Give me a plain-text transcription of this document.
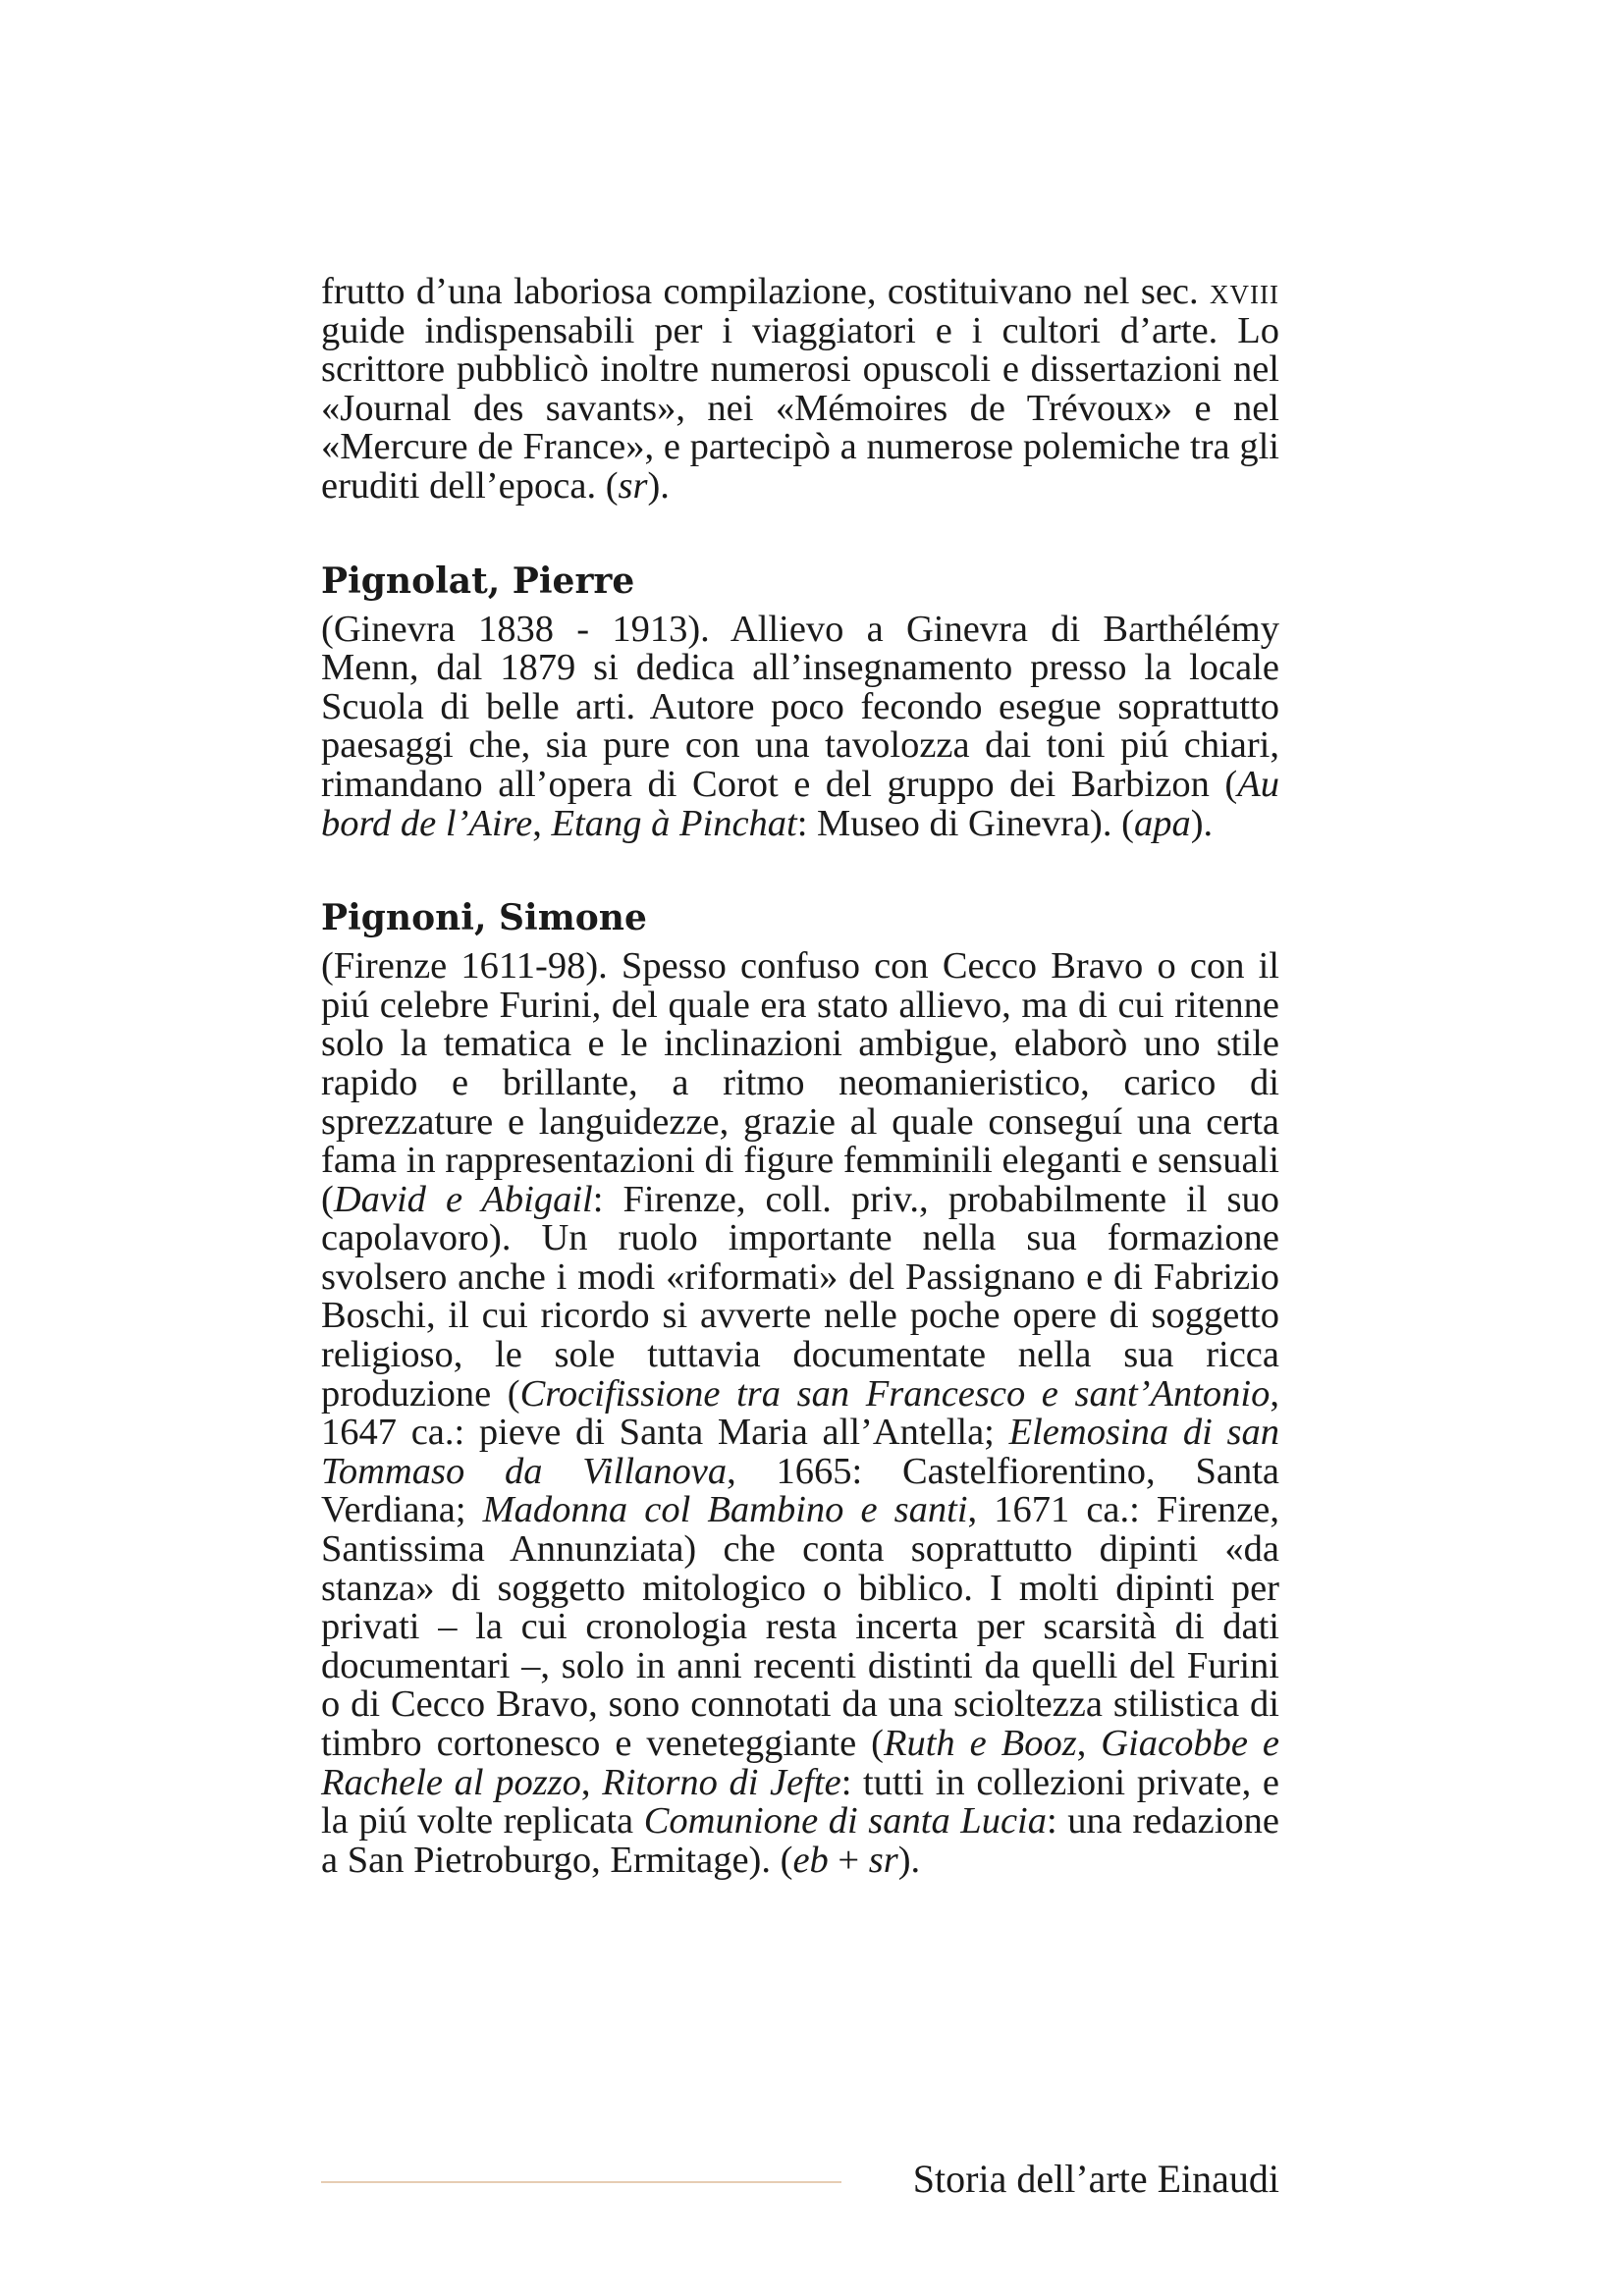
frutto d’una laboriosa compilazione, costituivano nel sec. xviii guide indispensabili per i viaggiatori e i cultori d’arte. Lo scrittore pubblicò inoltre numerosi opuscoli e dissertazioni nel «Journal des savants», nei «Mémoires de Trévoux» e nel «Mercure de France», e partecipò a numerose polemiche tra gli eruditi dell’epoca. (sr).

Pignolat, Pierre

(Ginevra 1838 - 1913). Allievo a Ginevra di Barthélémy Menn, dal 1879 si dedica all’insegnamento presso la locale Scuola di belle arti. Autore poco fecondo esegue soprattutto paesaggi che, sia pure con una tavolozza dai toni piú chiari, rimandano all’opera di Corot e del gruppo dei Barbizon (Au bord de l’Aire, Etang à Pinchat: Museo di Ginevra). (apa).

Pignoni, Simone

(Firenze 1611-98). Spesso confuso con Cecco Bravo o con il piú celebre Furini, del quale era stato allievo, ma di cui ritenne solo la tematica e le inclinazioni ambigue, elaborò uno stile rapido e brillante, a ritmo neomanieristico, carico di sprezzature e languidezze, grazie al quale conseguí una certa fama in rappresentazioni di figure femminili eleganti e sensuali (David e Abigail: Firenze, coll. priv., probabilmente il suo capolavoro). Un ruolo importante nella sua formazione svolsero anche i modi «riformati» del Passignano e di Fabrizio Boschi, il cui ricordo si avverte nelle poche opere di soggetto religioso, le sole tuttavia documentate nella sua ricca produzione (Crocifissione tra san Francesco e sant’Antonio, 1647 ca.: pieve di Santa Maria all’Antella; Elemosina di san Tommaso da Villanova, 1665: Castelfiorentino, Santa Verdiana; Madonna col Bambino e santi, 1671 ca.: Firenze, Santissima Annunziata) che conta soprattutto dipinti «da stanza» di soggetto mitologico o biblico. I molti dipinti per privati – la cui cronologia resta incerta per scarsità di dati documentari –, solo in anni recenti distinti da quelli del Furini o di Cecco Bravo, sono connotati da una scioltezza stilistica di timbro cortonesco e veneteggiante (Ruth e Booz, Giacobbe e Rachele al pozzo, Ritorno di Jefte: tutti in collezioni private, e la piú volte replicata Comunione di santa Lucia: una redazione a San Pietroburgo, Ermitage). (eb + sr).

Storia dell’arte Einaudi
